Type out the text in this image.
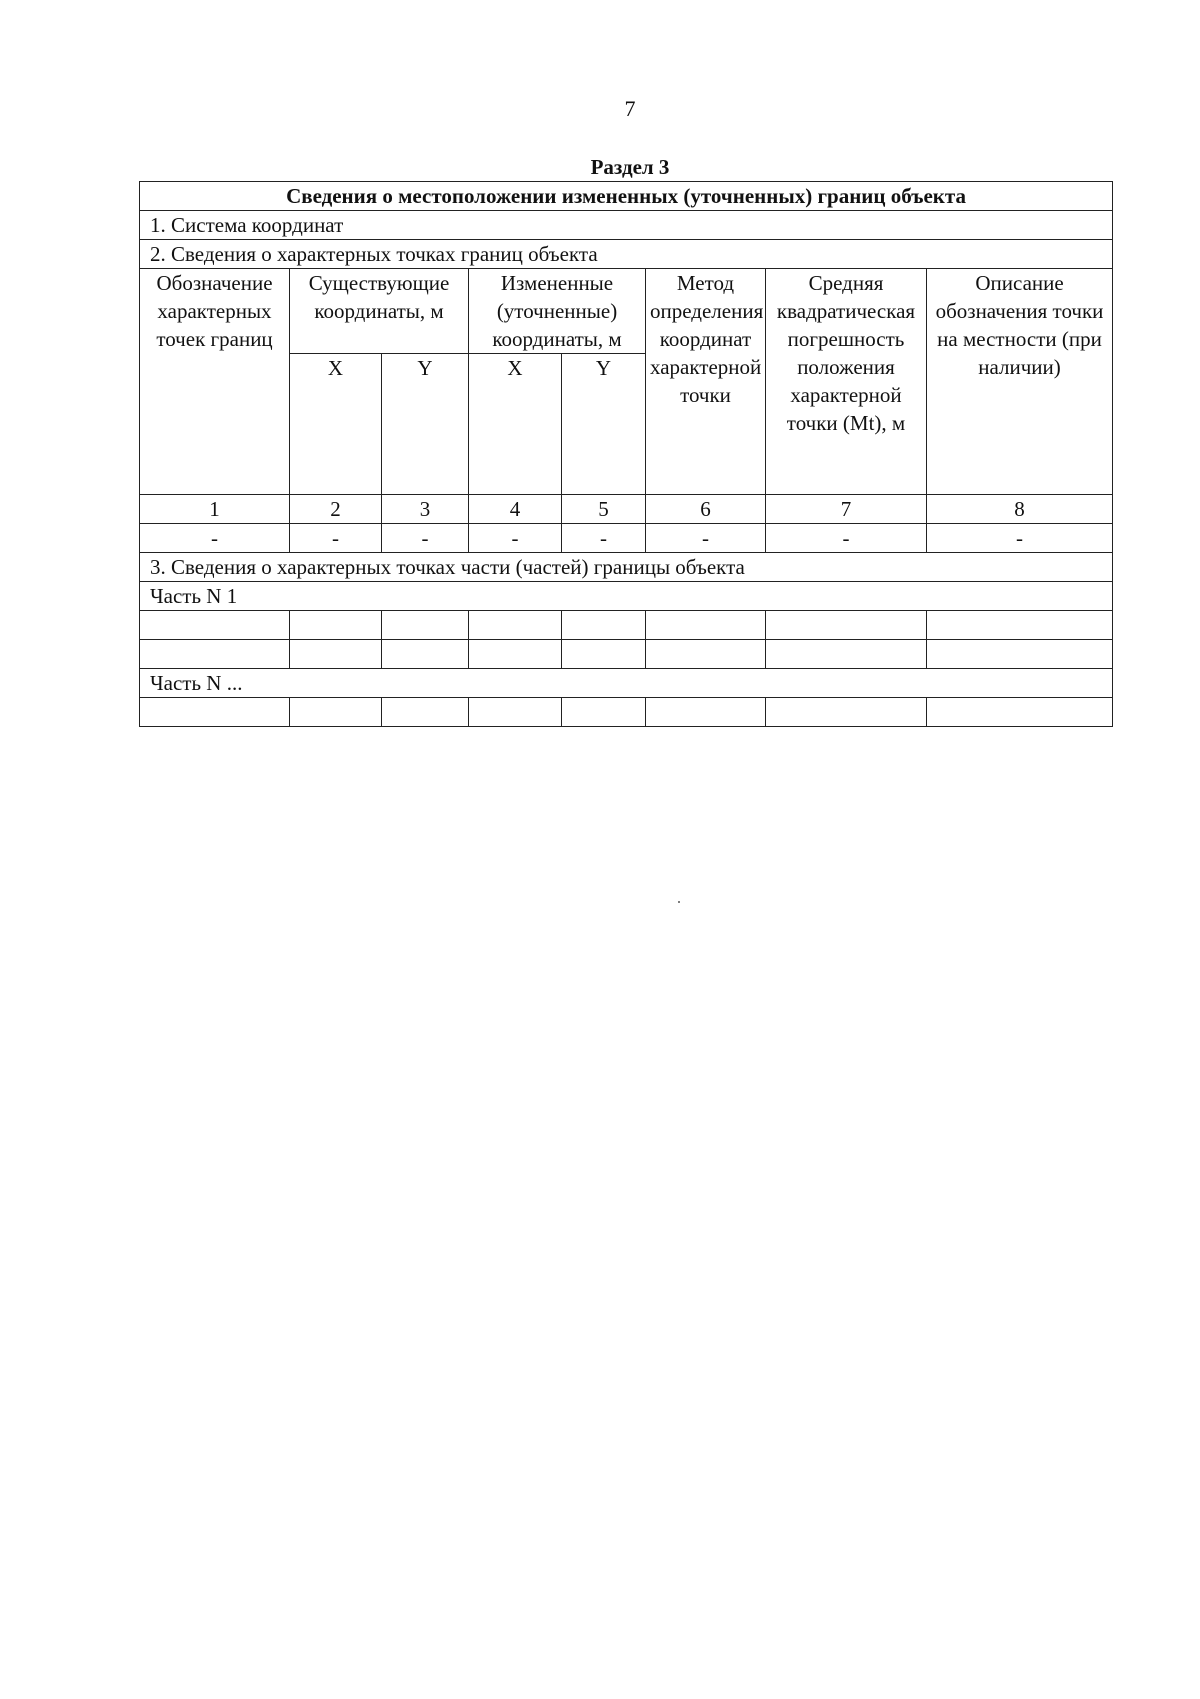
7
Раздел 3
Сведения о местоположении измененных (уточненных) границ объекта							
1. Система координат							
2. Сведения о характерных точках границ объекта							
Обозначение характерных точек границ	Существующие координаты, м		Измененные (уточненные) координаты, м		Метод определения координат характерной точки	Средняя квадратическая погрешность положения характерной точки (Mt), м	Описание обозначения точки на местности (при наличии)
	X	Y	X	Y			
1	2	3	4	5	6	7	8
-	-	-	-	-	-	-	-
3. Сведения о характерных точках части (частей) границы объекта							
Часть N 1							

Часть N ...							
